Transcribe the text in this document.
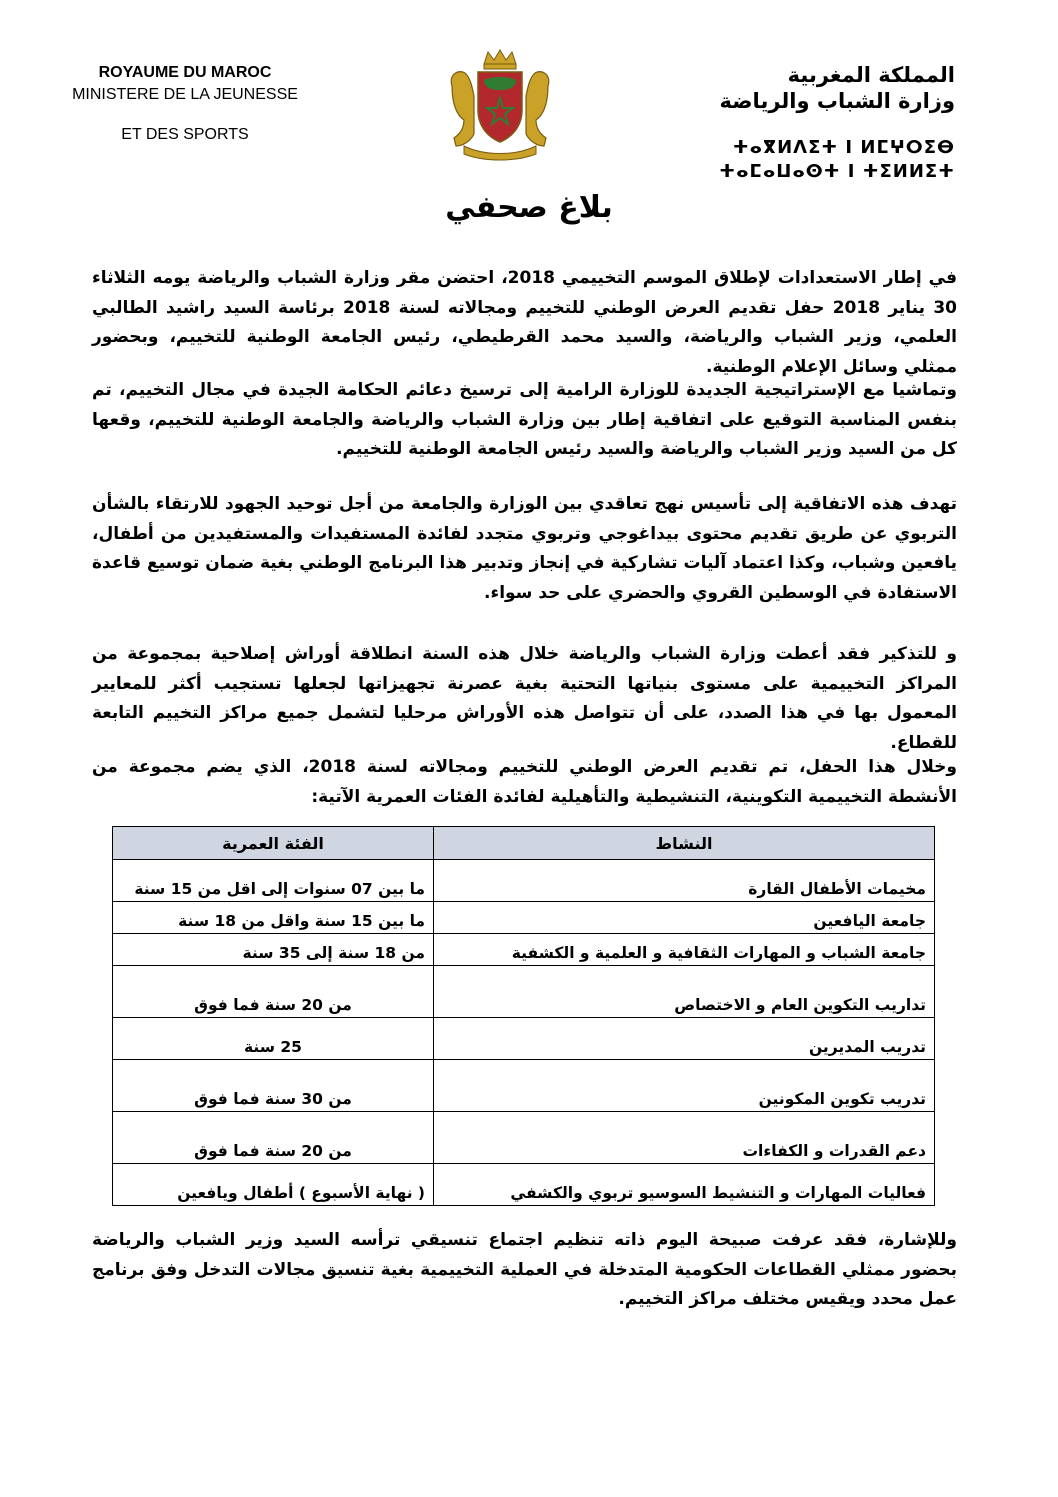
ROYAUME DU MAROC
MINISTERE DE LA JEUNESSE
ET DES SPORTS
المملكة المغربية
وزارة الشباب والرياضة
ⵜⴰⴳⵍⴷⵉⵜ ⵏ ⵍⵎⵖⵔⵉⴱ ⵜⴰⵎⴰⵡⴰⵙⵜ ⵏ ⵜⵉⵍⵍⵉⵜ
بلاغ صحفي
في إطار الاستعدادات لإطلاق الموسم التخييمي 2018، احتضن مقر وزارة الشباب والرياضة يومه الثلاثاء 30 يناير 2018 حفل تقديم العرض الوطني للتخييم ومجالاته لسنة 2018 برئاسة السيد راشيد الطالبي العلمي، وزير الشباب والرياضة، والسيد محمد القرطيطي، رئيس الجامعة الوطنية للتخييم، وبحضور ممثلي وسائل الإعلام الوطنية.
وتماشيا مع الإستراتيجية الجديدة للوزارة الرامية إلى ترسيخ دعائم الحكامة الجيدة في مجال التخييم، تم بنفس المناسبة التوقيع على اتفاقية إطار بين وزارة الشباب والرياضة والجامعة الوطنية للتخييم، وقعها كل من السيد وزير الشباب والرياضة والسيد رئيس الجامعة الوطنية للتخييم.
تهدف هذه الاتفاقية إلى تأسيس نهج تعاقدي بين الوزارة والجامعة من أجل توحيد الجهود للارتقاء بالشأن التربوي عن طريق تقديم محتوى بيداغوجي وتربوي متجدد لفائدة المستفيدات والمستفيدين من أطفال، يافعين وشباب، وكذا اعتماد آليات تشاركية في إنجاز وتدبير هذا البرنامج الوطني بغية ضمان توسيع قاعدة الاستفادة في الوسطين القروي والحضري على حد سواء.
و للتذكير فقد أعطت وزارة الشباب والرياضة خلال هذه السنة انطلاقة أوراش إصلاحية بمجموعة من المراكز التخييمية على مستوى بنياتها التحتية بغية عصرنة تجهيزاتها لجعلها تستجيب أكثر للمعايير المعمول بها في هذا الصدد، على أن تتواصل هذه الأوراش مرحليا لتشمل جميع مراكز التخييم التابعة للقطاع.
وخلال هذا الحفل، تم تقديم العرض الوطني للتخييم ومجالاته لسنة 2018، الذي يضم مجموعة من الأنشطة التخييمية التكوينية، التنشيطية والتأهيلية لفائدة الفئات العمرية الآتية:
النشاط	الفئة العمرية
مخيمات الأطفال القارة	ما بين 07 سنوات إلى اقل من 15 سنة
جامعة اليافعين	ما بين 15 سنة واقل من 18 سنة
جامعة الشباب و المهارات الثقافية و العلمية و الكشفية	من 18 سنة إلى 35 سنة
تداريب التكوين العام و الاختصاص	من 20 سنة فما فوق
تدريب المديرين	25 سنة
تدريب تكوين المكونين	من 30 سنة فما فوق
دعم القدرات و الكفاءات	من 20 سنة فما فوق
فعاليات المهارات و التنشيط السوسيو تربوي والكشفي	( نهاية الأسبوع ) أطفال ويافعين
وللإشارة، فقد عرفت صبيحة اليوم ذاته تنظيم اجتماع تنسيقي ترأسه السيد وزير الشباب والرياضة بحضور ممثلي القطاعات الحكومية المتدخلة في العملية التخييمية بغية تنسيق مجالات التدخل وفق برنامج عمل محدد ويقيس مختلف مراكز التخييم.
